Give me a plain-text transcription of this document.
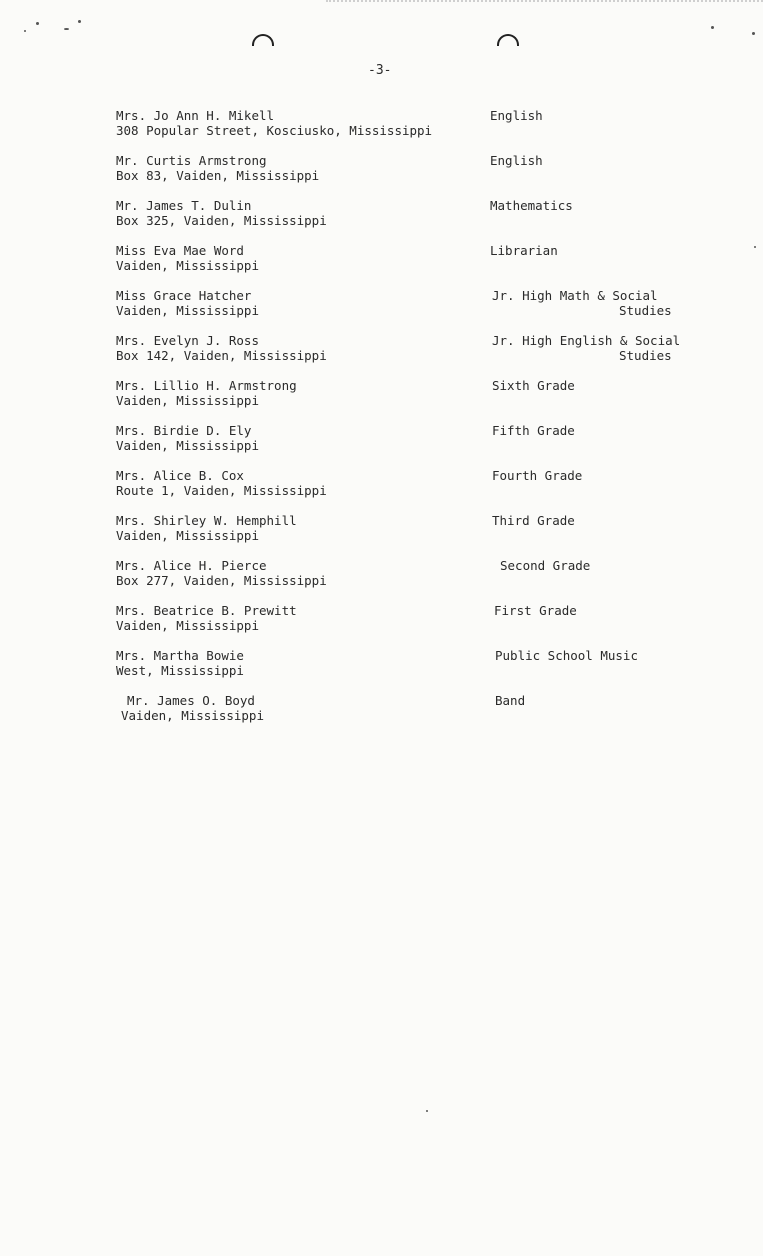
-3-
Mrs. Jo Ann H. Mikell
308 Popular Street, Kosciusko, Mississippi
English
Mr. Curtis Armstrong
Box 83, Vaiden, Mississippi
English
Mr. James T. Dulin
Box 325, Vaiden, Mississippi
Mathematics
Miss Eva Mae Word
Vaiden, Mississippi
Librarian
Miss Grace Hatcher
Vaiden, Mississippi
Jr. High Math & Social
Studies
Mrs. Evelyn J. Ross
Box 142, Vaiden, Mississippi
Jr. High English & Social
Studies
Mrs. Lillio H. Armstrong
Vaiden, Mississippi
Sixth Grade
Mrs. Birdie D. Ely
Vaiden, Mississippi
Fifth Grade
Mrs. Alice B. Cox
Route 1, Vaiden, Mississippi
Fourth Grade
Mrs. Shirley W. Hemphill
Vaiden, Mississippi
Third Grade
Mrs. Alice H. Pierce
Box 277, Vaiden, Mississippi
Second Grade
Mrs. Beatrice B. Prewitt
Vaiden, Mississippi
First Grade
Mrs. Martha Bowie
West, Mississippi
Public School Music
Mr. James O. Boyd
Vaiden, Mississippi
Band
